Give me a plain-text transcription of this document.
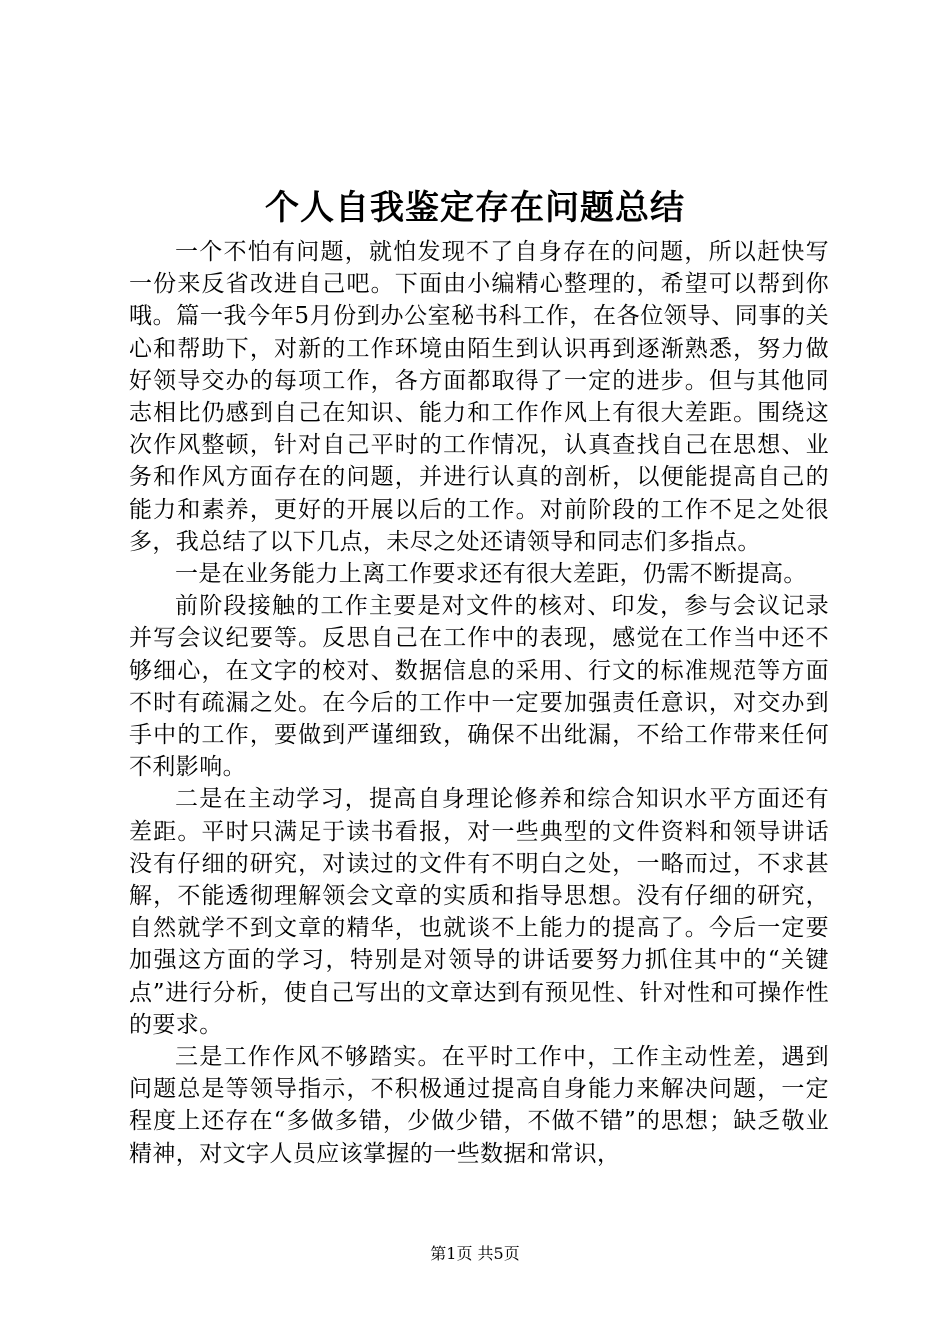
个人自我鉴定存在问题总结

一个不怕有问题，就怕发现不了自身存在的问题，所以赶快写一份来反省改进自己吧。下面由小编精心整理的，希望可以帮到你哦。篇一我今年5月份到办公室秘书科工作，在各位领导、同事的关心和帮助下，对新的工作环境由陌生到认识再到逐渐熟悉，努力做好领导交办的每项工作，各方面都取得了一定的进步。但与其他同志相比仍感到自己在知识、能力和工作作风上有很大差距。围绕这次作风整顿，针对自己平时的工作情况，认真查找自己在思想、业务和作风方面存在的问题，并进行认真的剖析，以便能提高自己的能力和素养，更好的开展以后的工作。对前阶段的工作不足之处很多，我总结了以下几点，未尽之处还请领导和同志们多指点。

一是在业务能力上离工作要求还有很大差距，仍需不断提高。

前阶段接触的工作主要是对文件的核对、印发，参与会议记录并写会议纪要等。反思自己在工作中的表现，感觉在工作当中还不够细心，在文字的校对、数据信息的采用、行文的标准规范等方面不时有疏漏之处。在今后的工作中一定要加强责任意识，对交办到手中的工作，要做到严谨细致，确保不出纰漏，不给工作带来任何不利影响。

二是在主动学习，提高自身理论修养和综合知识水平方面还有差距。平时只满足于读书看报，对一些典型的文件资料和领导讲话没有仔细的研究，对读过的文件有不明白之处，一略而过，不求甚解，不能透彻理解领会文章的实质和指导思想。没有仔细的研究，自然就学不到文章的精华，也就谈不上能力的提高了。今后一定要加强这方面的学习，特别是对领导的讲话要努力抓住其中的“关键点”进行分析，使自己写出的文章达到有预见性、针对性和可操作性的要求。

三是工作作风不够踏实。在平时工作中，工作主动性差，遇到问题总是等领导指示，不积极通过提高自身能力来解决问题，一定程度上还存在“多做多错，少做少错，不做不错”的思想；缺乏敬业精神，对文字人员应该掌握的一些数据和常识，

第1页 共5页
